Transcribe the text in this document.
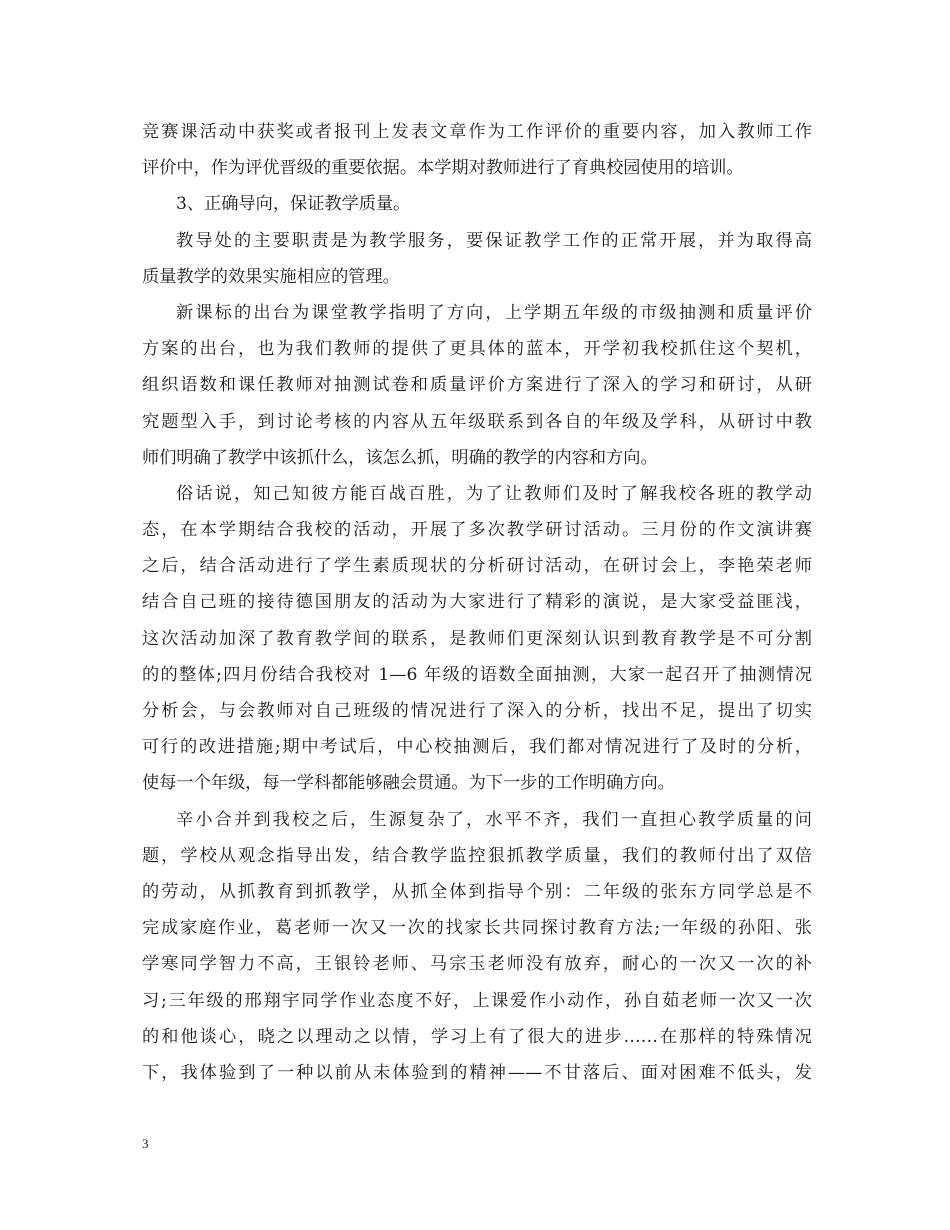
竞赛课活动中获奖或者报刊上发表文章作为工作评价的重要内容，加入教师工作
评价中，作为评优晋级的重要依据。本学期对教师进行了育典校园使用的培训。
3、正确导向，保证教学质量。
教导处的主要职责是为教学服务，要保证教学工作的正常开展，并为取得高
质量教学的效果实施相应的管理。
新课标的出台为课堂教学指明了方向，上学期五年级的市级抽测和质量评价
方案的出台，也为我们教师的提供了更具体的蓝本，开学初我校抓住这个契机，
组织语数和课任教师对抽测试卷和质量评价方案进行了深入的学习和研讨，从研
究题型入手，到讨论考核的内容从五年级联系到各自的年级及学科，从研讨中教
师们明确了教学中该抓什么，该怎么抓，明确的教学的内容和方向。
俗话说，知己知彼方能百战百胜，为了让教师们及时了解我校各班的教学动
态，在本学期结合我校的活动，开展了多次教学研讨活动。三月份的作文演讲赛
之后，结合活动进行了学生素质现状的分析研讨活动，在研讨会上，李艳荣老师
结合自己班的接待德国朋友的活动为大家进行了精彩的演说，是大家受益匪浅，
这次活动加深了教育教学间的联系，是教师们更深刻认识到教育教学是不可分割
的的整体;四月份结合我校对 1—6 年级的语数全面抽测，大家一起召开了抽测情况
分析会，与会教师对自己班级的情况进行了深入的分析，找出不足，提出了切实
可行的改进措施;期中考试后，中心校抽测后，我们都对情况进行了及时的分析，
使每一个年级，每一学科都能够融会贯通。为下一步的工作明确方向。
辛小合并到我校之后，生源复杂了，水平不齐，我们一直担心教学质量的问
题，学校从观念指导出发，结合教学监控狠抓教学质量，我们的教师付出了双倍
的劳动，从抓教育到抓教学，从抓全体到指导个别：二年级的张东方同学总是不
完成家庭作业，葛老师一次又一次的找家长共同探讨教育方法;一年级的孙阳、张
学寒同学智力不高，王银铃老师、马宗玉老师没有放弃，耐心的一次又一次的补
习;三年级的邢翔宇同学作业态度不好，上课爱作小动作，孙自茹老师一次又一次
的和他谈心，晓之以理动之以情，学习上有了很大的进步……在那样的特殊情况
下，我体验到了一种以前从未体验到的精神——不甘落后、面对困难不低头，发
3
